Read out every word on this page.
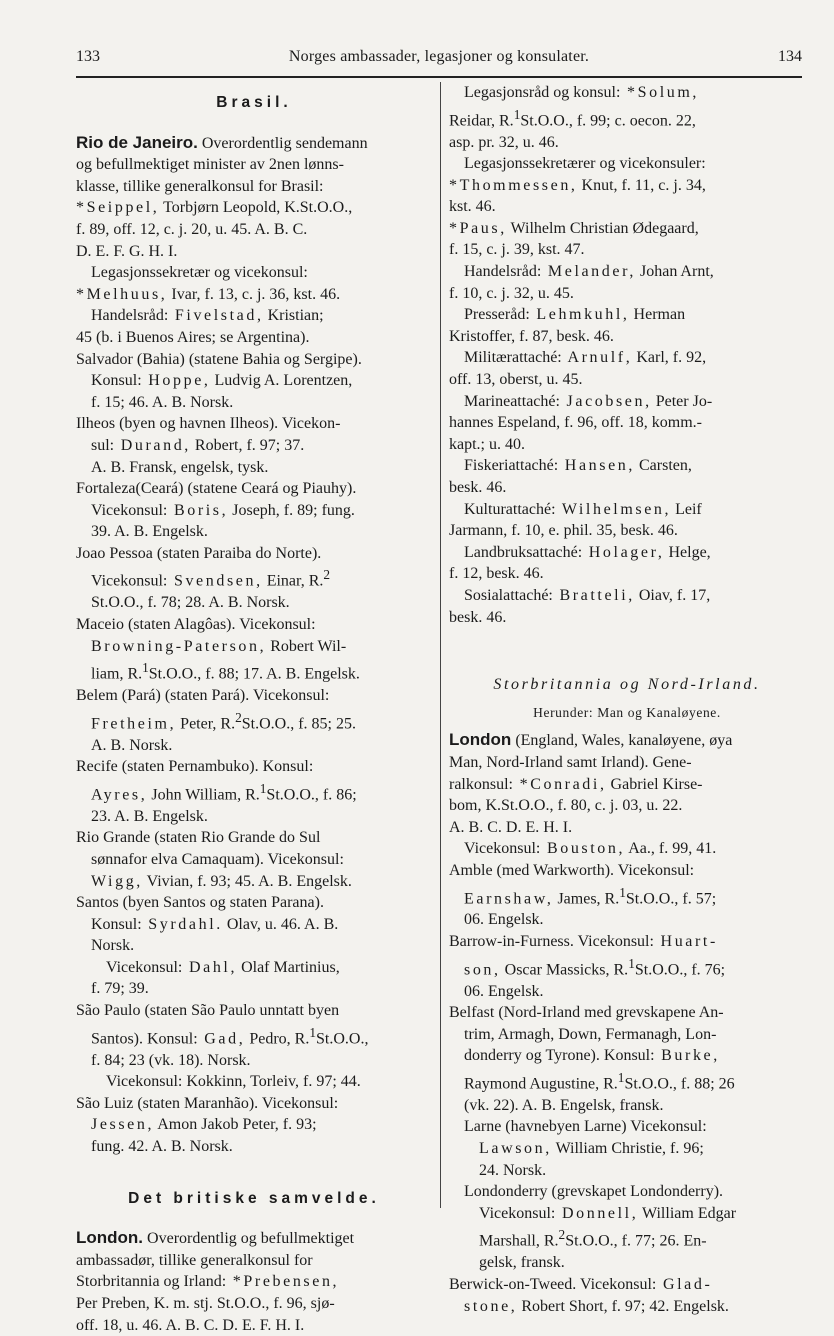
133	Norges ambassader, legasjoner og konsulater.	134

Brasil.

Rio de Janeiro. Overordentlig sendemann

og befullmektiget minister av 2nen lønns-

klasse, tillike generalkonsul for Brasil:

*Seippel, Torbjørn Leopold, K.St.O.O.,

f. 89, off. 12, c. j. 20, u. 45. A. B. C.

D. E. F. G. H. I.

Legasjonssekretær og vicekonsul:

*Melhuus, Ivar, f. 13, c. j. 36, kst. 46.

Handelsråd: Fivelstad, Kristian;

45 (b. i Buenos Aires; se Argentina).

Salvador (Bahia) (statene Bahia og Sergipe).

Konsul: Hoppe, Ludvig A. Lorentzen,

f. 15; 46. A. B. Norsk.

Ilheos (byen og havnen Ilheos). Vicekon-

sul: Durand, Robert, f. 97; 37.

A. B. Fransk, engelsk, tysk.

Fortaleza(Ceará) (statene Ceará og Piauhy).

Vicekonsul: Boris, Joseph, f. 89; fung.

39. A. B. Engelsk.

Joao Pessoa (staten Paraiba do Norte).

Vicekonsul: Svendsen, Einar, R.$^2$

St.O.O., f. 78; 28. A. B. Norsk.

Maceio (staten Alagôas). Vicekonsul:

Browning-Paterson, Robert Wil-

liam, R.$^1$St.O.O., f. 88; 17. A. B. Engelsk.

Belem (Pará) (staten Pará). Vicekonsul:

Fretheim, Peter, R.$^2$St.O.O., f. 85; 25.

A. B. Norsk.

Recife (staten Pernambuko). Konsul:

Ayres, John William, R.$^1$St.O.O., f. 86;

23. A. B. Engelsk.

Rio Grande (staten Rio Grande do Sul

sønnafor elva Camaquam). Vicekonsul:

Wigg, Vivian, f. 93; 45. A. B. Engelsk.

Santos (byen Santos og staten Parana).

Konsul: Syrdahl. Olav, u. 46. A. B.

Norsk.

Vicekonsul: Dahl, Olaf Martinius,

f. 79; 39.

São Paulo (staten São Paulo unntatt byen

Santos). Konsul: Gad, Pedro, R.$^1$St.O.O.,

f. 84; 23 (vk. 18). Norsk.

Vicekonsul: Kokkinn, Torleiv, f. 97; 44.

São Luiz (staten Maranhão). Vicekonsul:

Jessen, Amon Jakob Peter, f. 93;

fung. 42. A. B. Norsk.

Det britiske samvelde.

London. Overordentlig og befullmektiget

ambassadør, tillike generalkonsul for

Storbritannia og Irland: *Prebensen,

Per Preben, K. m. stj. St.O.O., f. 96, sjø-

off. 18, u. 46. A. B. C. D. E. F. H. I.

Legasjonsråd og konsul: *Solum,

Reidar, R.$^1$St.O.O., f. 99; c. oecon. 22,

asp. pr. 32, u. 46.

Legasjonssekretærer og vicekonsuler:

*Thommessen, Knut, f. 11, c. j. 34,

kst. 46.

*Paus, Wilhelm Christian Ødegaard,

f. 15, c. j. 39, kst. 47.

Handelsråd: Melander, Johan Arnt,

f. 10, c. j. 32, u. 45.

Presseråd: Lehmkuhl, Herman

Kristoffer, f. 87, besk. 46.

Militærattaché: Arnulf, Karl, f. 92,

off. 13, oberst, u. 45.

Marineattaché: Jacobsen, Peter Jo-

hannes Espeland, f. 96, off. 18, komm.-

kapt.; u. 40.

Fiskeriattaché: Hansen, Carsten,

besk. 46.

Kulturattaché: Wilhelmsen, Leif

Jarmann, f. 10, e. phil. 35, besk. 46.

Landbruksattaché: Holager, Helge,

f. 12, besk. 46.

Sosialattaché: Bratteli, Oiav, f. 17,

besk. 46.

Storbritannia og Nord-Irland.

Herunder: Man og Kanaløyene.

London (England, Wales, kanaløyene, øya

Man, Nord-Irland samt Irland). Gene-

ralkonsul: *Conradi, Gabriel Kirse-

bom, K.St.O.O., f. 80, c. j. 03, u. 22.

A. B. C. D. E. H. I.

Vicekonsul: Bouston, Aa., f. 99, 41.

Amble (med Warkworth). Vicekonsul:

Earnshaw, James, R.$^1$St.O.O., f. 57;

06. Engelsk.

Barrow-in-Furness. Vicekonsul: Huart-

son, Oscar Massicks, R.$^1$St.O.O., f. 76;

06. Engelsk.

Belfast (Nord-Irland med grevskapene An-

trim, Armagh, Down, Fermanagh, Lon-

donderry og Tyrone). Konsul: Burke,

Raymond Augustine, R.$^1$St.O.O., f. 88; 26

(vk. 22). A. B. Engelsk, fransk.

Larne (havnebyen Larne) Vicekonsul:

Lawson, William Christie, f. 96;

24. Norsk.

Londonderry (grevskapet Londonderry).

Vicekonsul: Donnell, William Edgar

Marshall, R.$^2$St.O.O., f. 77; 26. En-

gelsk, fransk.

Berwick-on-Tweed. Vicekonsul: Glad-

stone, Robert Short, f. 97; 42. Engelsk.
